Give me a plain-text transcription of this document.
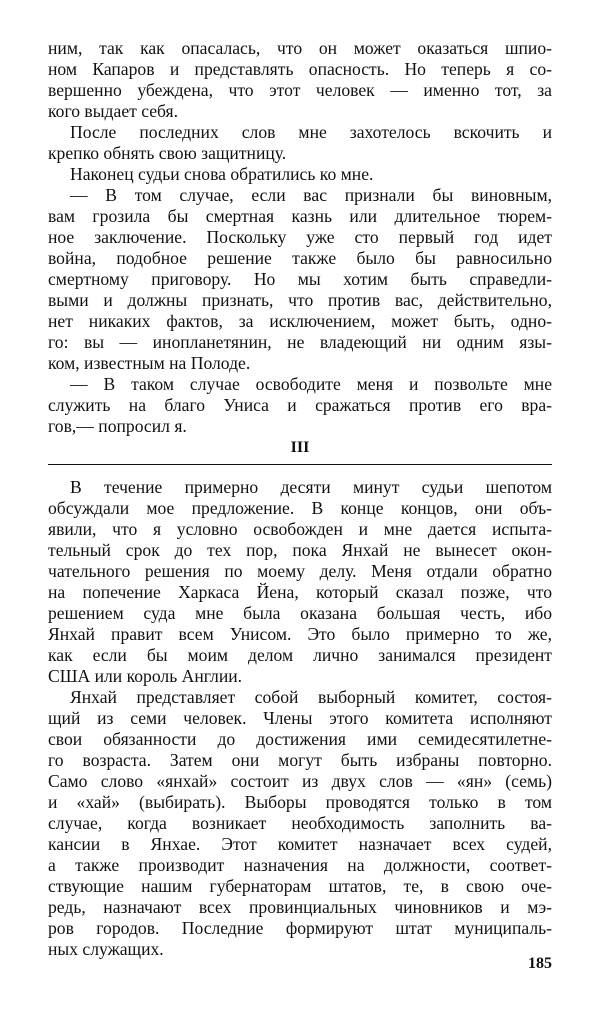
ним, так как опасалась, что он может оказаться шпио-
ном Капаров и представлять опасность. Но теперь я со-
вершенно убеждена, что этот человек — именно тот, за
кого выдает себя.
После последних слов мне захотелось вскочить и
крепко обнять свою защитницу.
Наконец судьи снова обратились ко мне.
— В том случае, если вас признали бы виновным,
вам грозила бы смертная казнь или длительное тюрем-
ное заключение. Поскольку уже сто первый год идет
война, подобное решение также было бы равносильно
смертному приговору. Но мы хотим быть справедли-
выми и должны признать, что против вас, действительно,
нет никаких фактов, за исключением, может быть, одно-
го: вы — инопланетянин, не владеющий ни одним язы-
ком, известным на Полоде.
— В таком случае освободите меня и позвольте мне
служить на благо Униса и сражаться против его вра-
гов,— попросил я.
III
В течение примерно десяти минут судьи шепотом
обсуждали мое предложение. В конце концов, они объ-
явили, что я условно освобожден и мне дается испыта-
тельный срок до тех пор, пока Янхай не вынесет окон-
чательного решения по моему делу. Меня отдали обратно
на попечение Харкаса Йена, который сказал позже, что
решением суда мне была оказана большая честь, ибо
Янхай правит всем Унисом. Это было примерно то же,
как если бы моим делом лично занимался президент
США или король Англии.
Янхай представляет собой выборный комитет, состоя-
щий из семи человек. Члены этого комитета исполняют
свои обязанности до достижения ими семидесятилетне-
го возраста. Затем они могут быть избраны повторно.
Само слово «янхай» состоит из двух слов — «ян» (семь)
и «хай» (выбирать). Выборы проводятся только в том
случае, когда возникает необходимость заполнить ва-
кансии в Янхае. Этот комитет назначает всех судей,
а также производит назначения на должности, соответ-
ствующие нашим губернаторам штатов, те, в свою оче-
редь, назначают всех провинциальных чиновников и мэ-
ров городов. Последние формируют штат муниципаль-
ных служащих.
185
